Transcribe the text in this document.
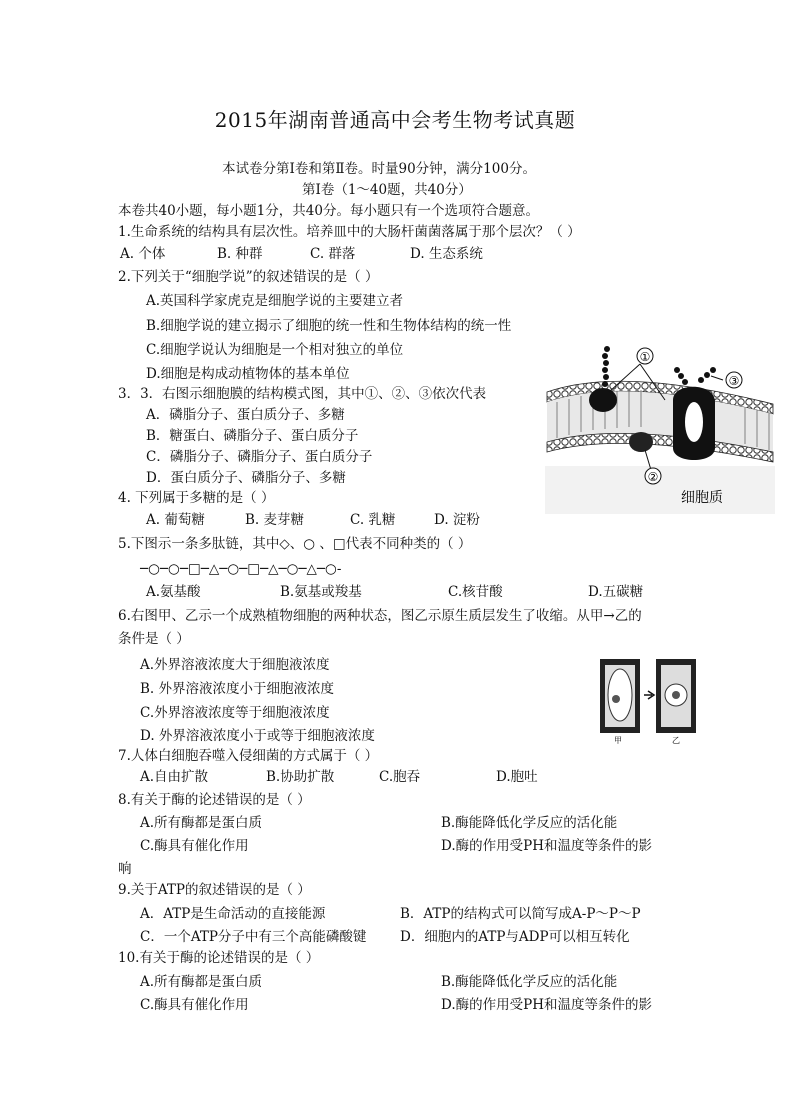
2015年湖南普通高中会考生物考试真题
本试卷分第Ⅰ卷和第Ⅱ卷。时量90分钟，满分100分。
第Ⅰ卷（1～40题，共40分）
本卷共40小题，每小题1分，共40分。每小题只有一个选项符合题意。
1.生命系统的结构具有层次性。培养皿中的大肠杆菌菌落属于那个层次？（ ）
A. 个体	B. 种群	C. 群落	D. 生态系统
2.下列关于“细胞学说”的叙述错误的是（ ）
A.英国科学家虎克是细胞学说的主要建立者
B.细胞学说的建立揭示了细胞的统一性和生物体结构的统一性
C.细胞学说认为细胞是一个相对独立的单位
D.细胞是构成动植物体的基本单位
3．3．右图示细胞膜的结构模式图，其中①、②、③依次代表
A．磷脂分子、蛋白质分子、多糖
B．糖蛋白、磷脂分子、蛋白质分子
C．磷脂分子、磷脂分子、蛋白质分子
D．蛋白质分子、磷脂分子、多糖
①
③
②
细胞质
4. 下列属于多糖的是（ ）
A. 葡萄糖	B. 麦芽糖	C. 乳糖	D. 淀粉
5.下图示一条多肽链，其中◇、○ 、□代表不同种类的（ ）
─○─○─□─△─○─□─△─○─△─○-
A.氨基酸	B.氨基或羧基	C.核苷酸	D.五碳糖
6.右图甲、乙示一个成熟植物细胞的两种状态，图乙示原生质层发生了收缩。从甲→乙的
条件是（ ）
A.外界溶液浓度大于细胞液浓度
B. 外界溶液浓度小于细胞液浓度
C.外界溶液浓度等于细胞液浓度
D. 外界溶液浓度小于或等于细胞液浓度	甲	乙
7.人体白细胞吞噬入侵细菌的方式属于（ ）
A.自由扩散	B.协助扩散	C.胞吞	D.胞吐
8.有关于酶的论述错误的是（ ）
A.所有酶都是蛋白质	B.酶能降低化学反应的活化能
C.酶具有催化作用	D.酶的作用受PH和温度等条件的影
响
9.关于ATP的叙述错误的是（ ）
A．ATP是生命活动的直接能源	B．ATP的结构式可以简写成A-P～P～P
C．一个ATP分子中有三个高能磷酸键 D．细胞内的ATP与ADP可以相互转化
10.有关于酶的论述错误的是（ ）
A.所有酶都是蛋白质	B.酶能降低化学反应的活化能
C.酶具有催化作用	D.酶的作用受PH和温度等条件的影
